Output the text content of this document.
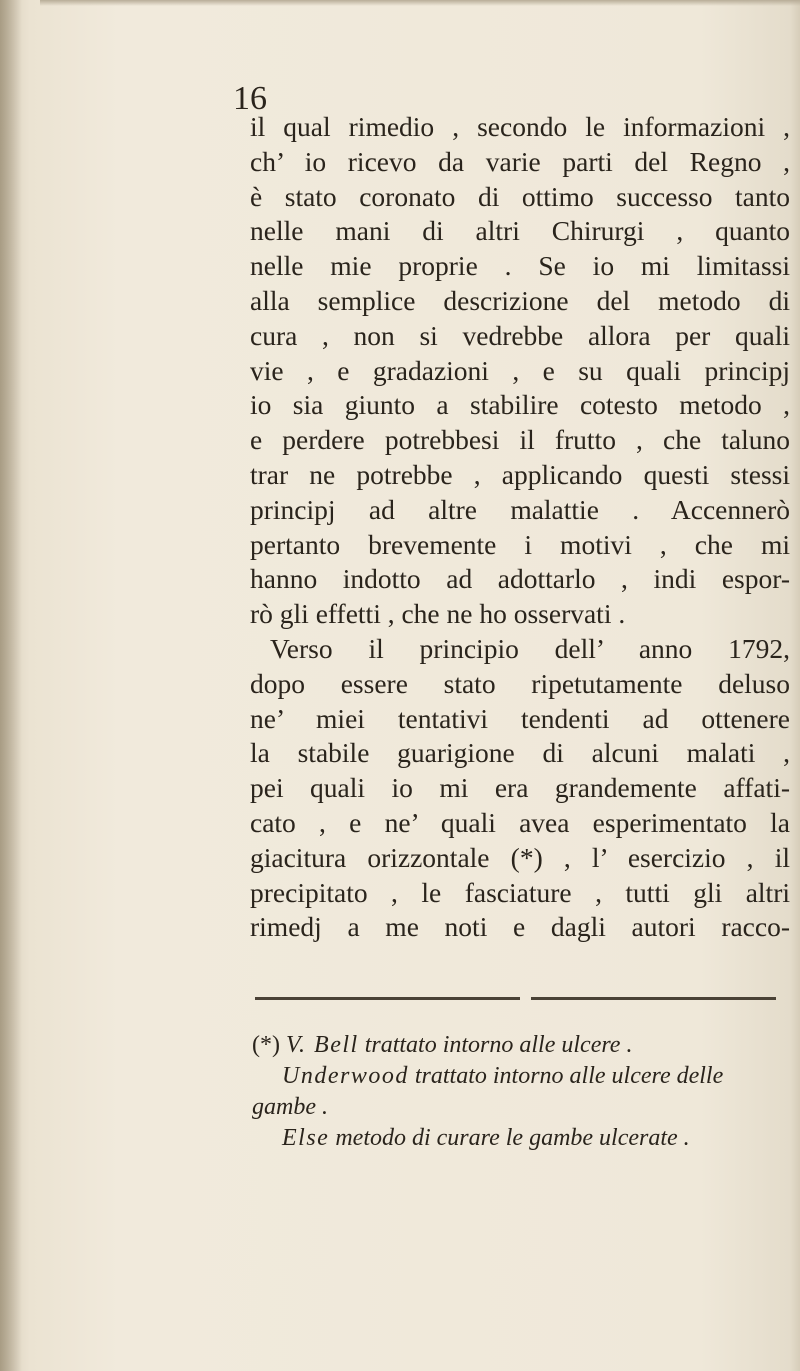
16
il qual rimedio , secondo le informazioni ,
ch’ io ricevo da varie parti del Regno ,
è stato coronato di ottimo successo tanto
nelle mani di altri Chirurgi , quanto
nelle mie proprie . Se io mi limitassi
alla semplice descrizione del metodo di
cura , non si vedrebbe allora per quali
vie , e gradazioni , e su quali principj
io sia giunto a stabilire cotesto metodo ,
e perdere potrebbesi il frutto , che taluno
trar ne potrebbe , applicando questi stessi
principj ad altre malattie . Accennerò
pertanto brevemente i motivi , che mi
hanno indotto ad adottarlo , indi espor-
rò gli effetti , che ne ho osservati .
Verso il principio dell’ anno 1792,
dopo essere stato ripetutamente deluso
ne’ miei tentativi tendenti ad ottenere
la stabile guarigione di alcuni malati ,
pei quali io mi era grandemente affati-
cato , e ne’ quali avea esperimentato la
giacitura orizzontale (*) , l’ esercizio , il
precipitato , le fasciature , tutti gli altri
rimedj a me noti e dagli autori racco-
(*) V. Bell trattato intorno alle ulcere .
Underwood trattato intorno alle ulcere delle
gambe .
Else metodo di curare le gambe ulcerate .
